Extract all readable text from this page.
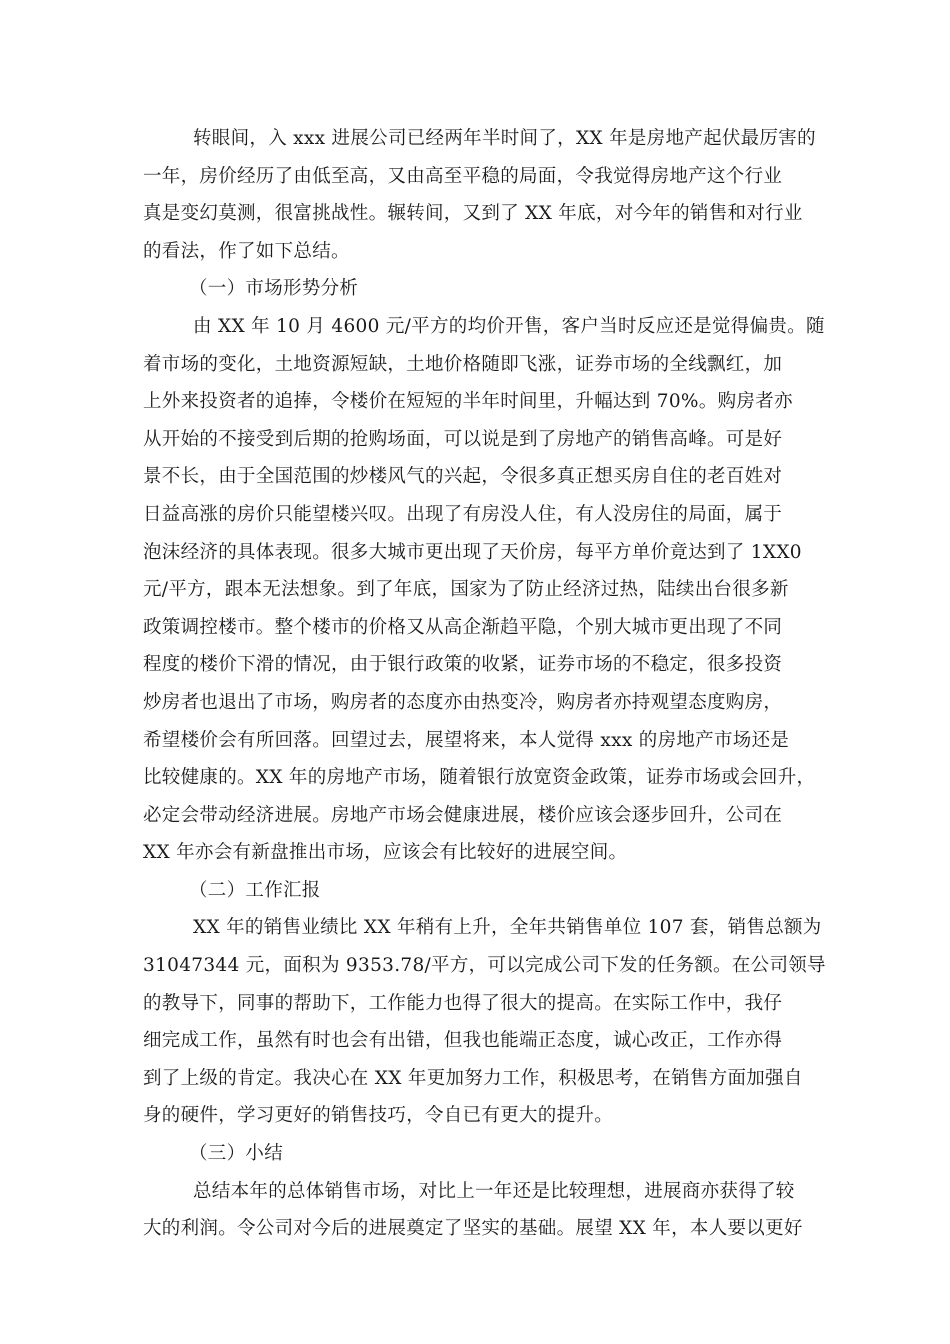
转眼间，入 xxx 进展公司已经两年半时间了，XX 年是房地产起伏最厉害的
一年，房价经历了由低至高，又由高至平稳的局面，令我觉得房地产这个行业
真是变幻莫测，很富挑战性。辗转间，又到了 XX 年底，对今年的销售和对行业
的看法，作了如下总结。
（一）市场形势分析
由 XX 年 10 月 4600 元/平方的均价开售，客户当时反应还是觉得偏贵。随
着市场的变化，土地资源短缺，土地价格随即飞涨，证券市场的全线飘红，加
上外来投资者的追捧，令楼价在短短的半年时间里，升幅达到 70%。购房者亦
从开始的不接受到后期的抢购场面，可以说是到了房地产的销售高峰。可是好
景不长，由于全国范围的炒楼风气的兴起，令很多真正想买房自住的老百姓对
日益高涨的房价只能望楼兴叹。出现了有房没人住，有人没房住的局面，属于
泡沫经济的具体表现。很多大城市更出现了天价房，每平方单价竟达到了 1XX0
元/平方，跟本无法想象。到了年底，国家为了防止经济过热，陆续出台很多新
政策调控楼市。整个楼市的价格又从高企渐趋平隐，个别大城市更出现了不同
程度的楼价下滑的情况，由于银行政策的收紧，证券市场的不稳定，很多投资
炒房者也退出了市场，购房者的态度亦由热变冷，购房者亦持观望态度购房，
希望楼价会有所回落。回望过去，展望将来，本人觉得 xxx 的房地产市场还是
比较健康的。XX 年的房地产市场，随着银行放宽资金政策，证券市场或会回升，
必定会带动经济进展。房地产市场会健康进展，楼价应该会逐步回升，公司在
XX 年亦会有新盘推出市场，应该会有比较好的进展空间。
（二）工作汇报
XX 年的销售业绩比 XX 年稍有上升，全年共销售单位 107 套，销售总额为
31047344 元，面积为 9353.78/平方，可以完成公司下发的任务额。在公司领导
的教导下，同事的帮助下，工作能力也得了很大的提高。在实际工作中，我仔
细完成工作，虽然有时也会有出错，但我也能端正态度，诚心改正，工作亦得
到了上级的肯定。我决心在 XX 年更加努力工作，积极思考，在销售方面加强自
身的硬件，学习更好的销售技巧，令自已有更大的提升。
（三）小结
总结本年的总体销售市场，对比上一年还是比较理想，进展商亦获得了较
大的利润。令公司对今后的进展奠定了坚实的基础。展望 XX 年，本人要以更好
